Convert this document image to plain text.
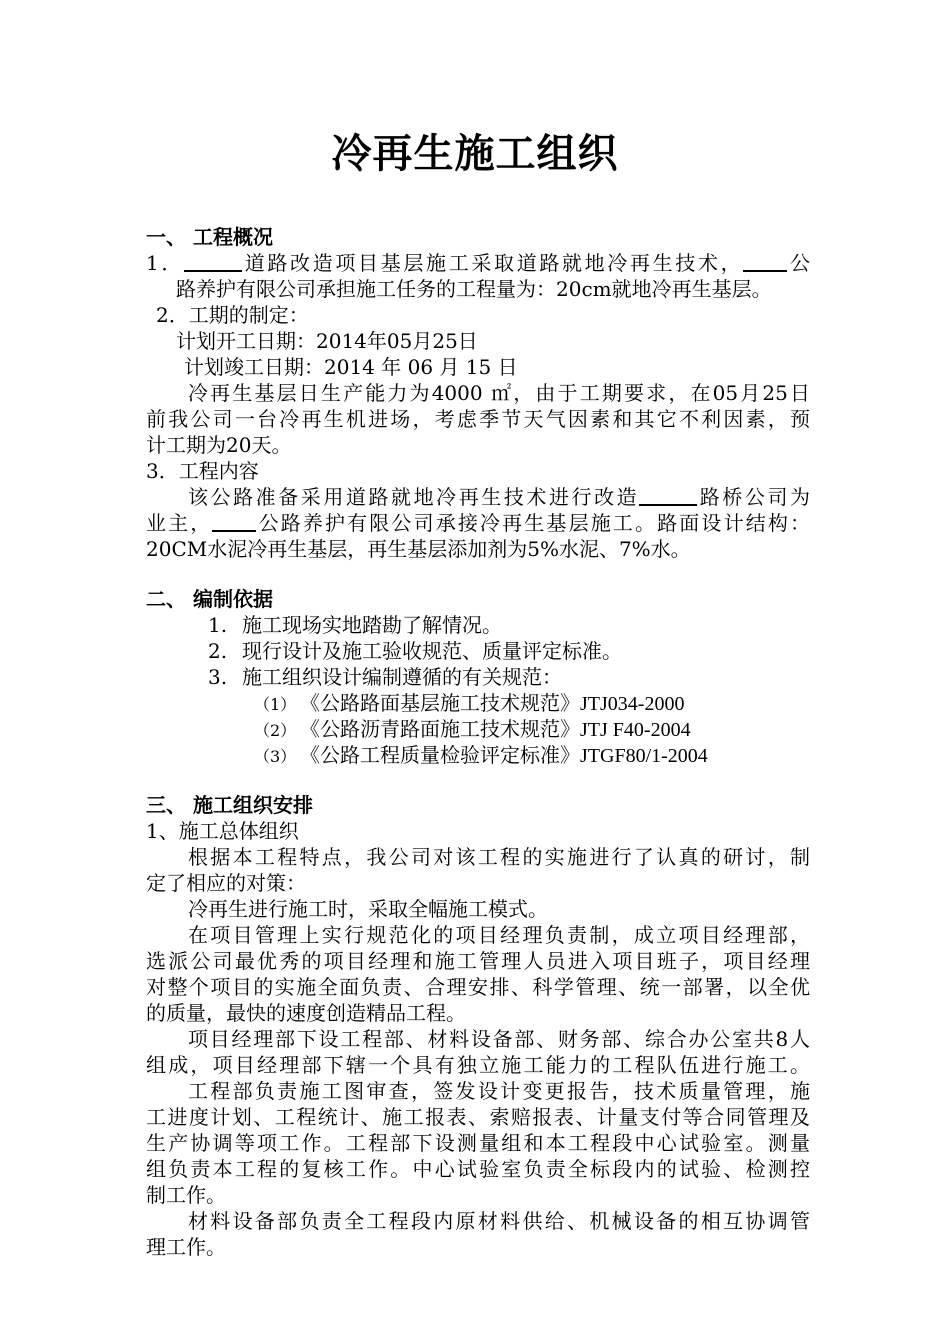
冷再生施工组织
一、 工程概况
1．	道路改造项目基层施工采取道路就地冷再生技术， 公
路养护有限公司承担施工任务的工程量为：20cm就地冷再生基层。
2．工期的制定：
计划开工日期：2014年05月25日
计划竣工日期：2014 年 06 月 15 日
冷再生基层日生产能力为4000 ㎡，由于工期要求，在05月25日
前我公司一台冷再生机进场，考虑季节天气因素和其它不利因素，预
计工期为20天。
3．工程内容
该公路准备采用道路就地冷再生技术进行改造	路桥公司为
业主， 公路养护有限公司承接冷再生基层施工。路面设计结构：
20CM水泥冷再生基层，再生基层添加剂为5%水泥、7%水。
二、 编制依据
1. 施工现场实地踏勘了解情况。
2. 现行设计及施工验收规范、质量评定标准。
3. 施工组织设计编制遵循的有关规范：
（1） 《公路路面基层施工技术规范》JTJ034-2000
（2） 《公路沥青路面施工技术规范》JTJ F40-2004
（3） 《公路工程质量检验评定标准》JTGF80/1-2004
三、 施工组织安排
1、施工总体组织
根据本工程特点，我公司对该工程的实施进行了认真的研讨，制
定了相应的对策：
冷再生进行施工时，采取全幅施工模式。
在项目管理上实行规范化的项目经理负责制，成立项目经理部，
选派公司最优秀的项目经理和施工管理人员进入项目班子，项目经理
对整个项目的实施全面负责、合理安排、科学管理、统一部署，以全优
的质量，最快的速度创造精品工程。
项目经理部下设工程部、材料设备部、财务部、综合办公室共8人
组成，项目经理部下辖一个具有独立施工能力的工程队伍进行施工。
工程部负责施工图审查，签发设计变更报告，技术质量管理，施
工进度计划、工程统计、施工报表、索赔报表、计量支付等合同管理及
生产协调等项工作。工程部下设测量组和本工程段中心试验室。测量
组负责本工程的复核工作。中心试验室负责全标段内的试验、检测控
制工作。
材料设备部负责全工程段内原材料供给、机械设备的相互协调管
理工作。
